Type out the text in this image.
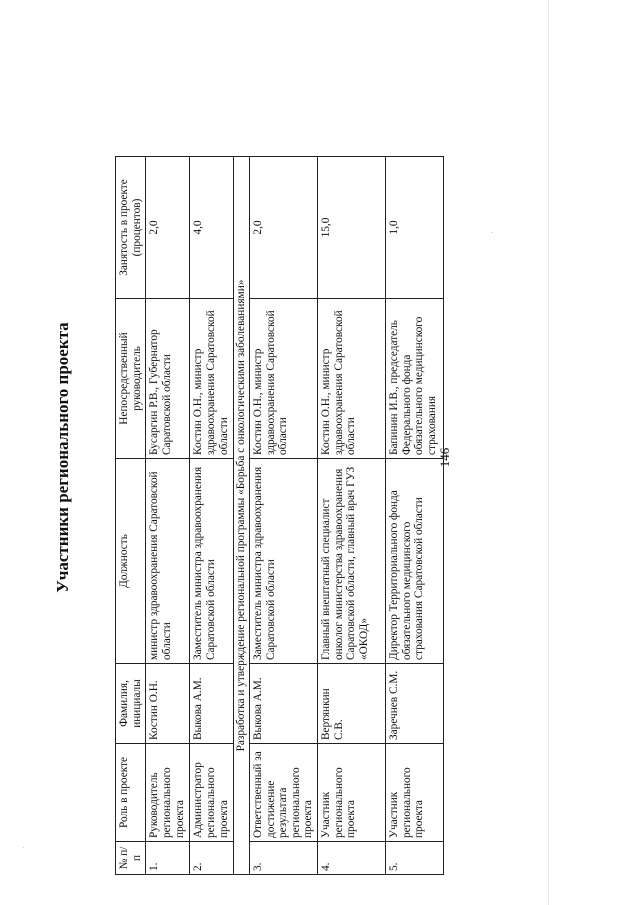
ˎ
·
Участники регионального проекта
№ п/п	Роль в проекте	Фамилия, инициалы	Должность	Непосредственный руководитель	Занятость в проекте (процентов)
1.	Руководитель регионального проекта	Костин О.Н.	министр здравоохранения Саратовской области	Бусаргин Р.В., Губернатор Саратовской области	2,0
2.	Администратор регионального проекта	Выкова А.М.	Заместитель министра здравоохранения Саратовской области	Костин О.Н., министр здравоохранения Саратовской области	4,0
Разработка и утверждение региональной программы «Борьба с онкологическими заболеваниями»					
3.	Ответственный за достижение результата регионального проекта	Выкова А.М.	Заместитель министра здравоохранения Саратовской области	Костин О.Н., министр здравоохранения Саратовской области	2,0
4.	Участник регионального проекта	Вертянкин С.В.	Главный внештатный специалист онколог министерства здравоохранения Саратовской области, главный врач ГУЗ «ОКОД»	Костин О.Н., министр здравоохранения Саратовской области	15,0
5.	Участник регионального проекта	Заречнев С.М.	Директор Территориального фонда обязательного медицинского страхования Саратовской области	Бапинин И.В., председатель Федерального фонда обязательного медицинского страхования	1,0
146
